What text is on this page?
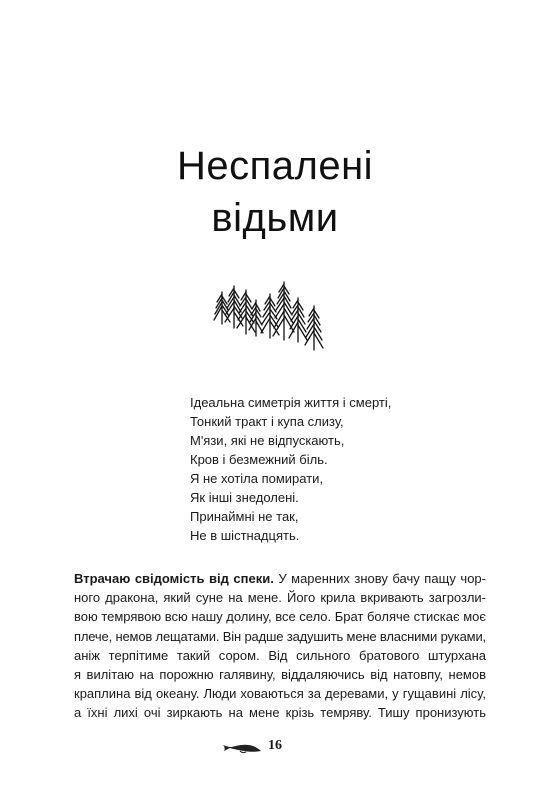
Неспалені
відьми
Ідеальна симетрія життя і смерті,
Тонкий тракт і купа слизу,
М'язи, які не відпускають,
Кров і безмежний біль.
Я не хотіла помирати,
Як інші знедолені.
Принаймні не так,
Не в шістнадцять.
Втрачаю свідомість від спеки. У маренних знову бачу пащу чор-
ного дракона, який суне на мене. Його крила вкривають загрозли-
вою темрявою всю нашу долину, все село. Брат боляче стискає моє
плече, немов лещатами. Він радше задушить мене власними руками,
аніж терпітиме такий сором. Від сильного братового штурхана
я вилітаю на порожню галявину, віддаляючись від натовпу, немов
краплина від океану. Люди ховаються за деревами, у гущавині лісу,
а їхні лихі очі зиркають на мене крізь темряву. Тишу пронизують
16
